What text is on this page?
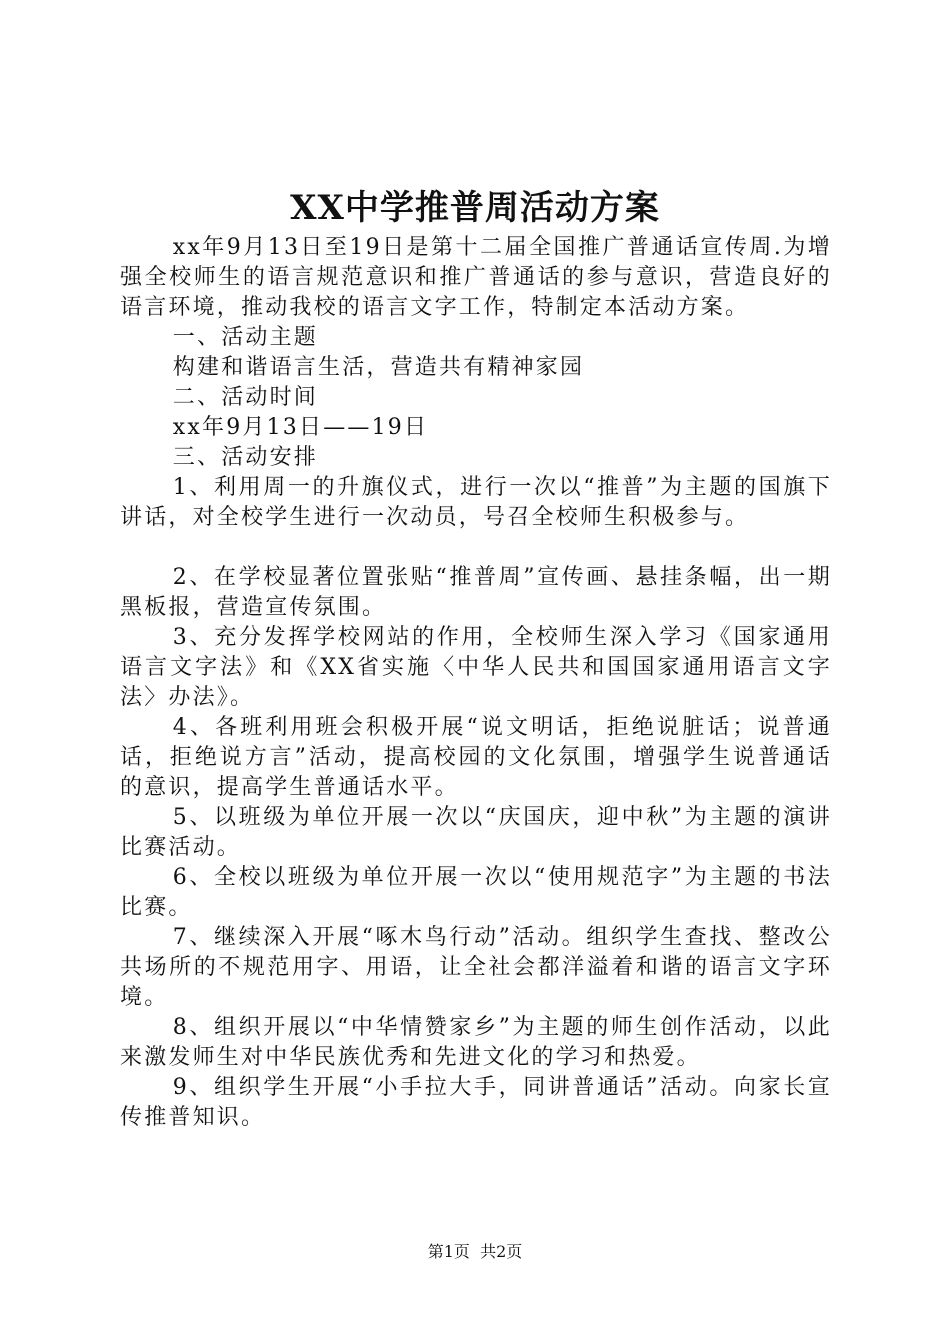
XX中学推普周活动方案

xx年9月13日至19日是第十二届全国推广普通话宣传周.为增强全校师生的语言规范意识和推广普通话的参与意识，营造良好的语言环境，推动我校的语言文字工作，特制定本活动方案。

一、活动主题

构建和谐语言生活，营造共有精神家园

二、活动时间

xx年9月13日——19日

三、活动安排

1、利用周一的升旗仪式，进行一次以“推普”为主题的国旗下讲话，对全校学生进行一次动员，号召全校师生积极参与。

2、在学校显著位置张贴“推普周”宣传画、悬挂条幅，出一期黑板报，营造宣传氛围。

3、充分发挥学校网站的作用，全校师生深入学习《国家通用语言文字法》和《XX省实施〈中华人民共和国国家通用语言文字法〉办法》。

4、各班利用班会积极开展“说文明话，拒绝说脏话；说普通话，拒绝说方言”活动，提高校园的文化氛围，增强学生说普通话的意识，提高学生普通话水平。

5、以班级为单位开展一次以“庆国庆，迎中秋”为主题的演讲比赛活动。

6、全校以班级为单位开展一次以“使用规范字”为主题的书法比赛。

7、继续深入开展“啄木鸟行动”活动。组织学生查找、整改公共场所的不规范用字、用语，让全社会都洋溢着和谐的语言文字环境。

8、组织开展以“中华情赞家乡”为主题的师生创作活动，以此来激发师生对中华民族优秀和先进文化的学习和热爱。

9、组织学生开展“小手拉大手，同讲普通话”活动。向家长宣传推普知识。

第1页 共2页
